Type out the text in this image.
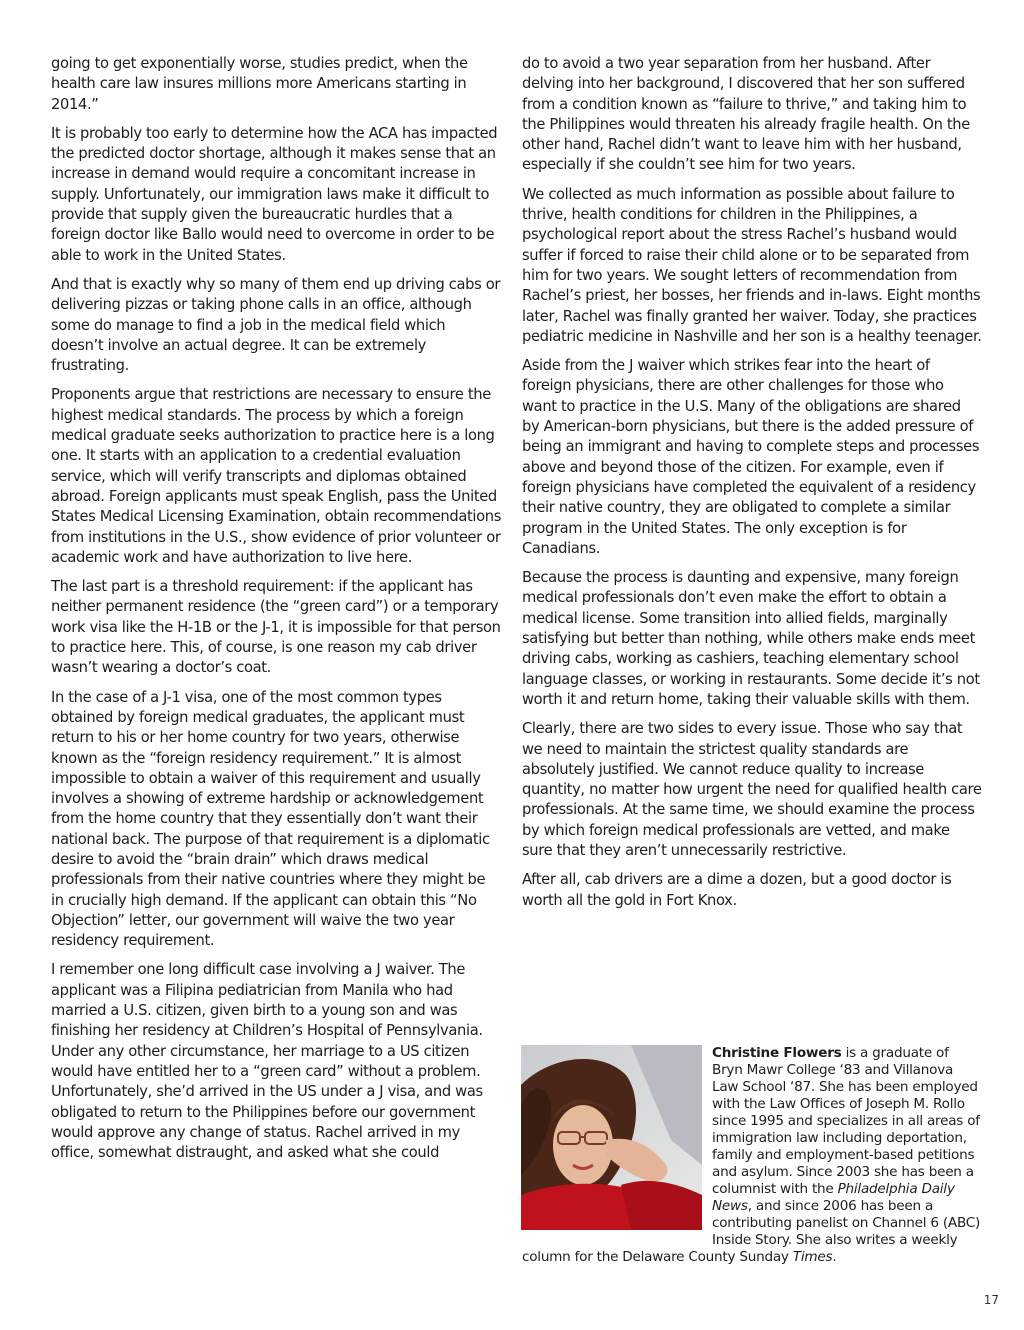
going to get exponentially worse, studies predict, when the health care law insures millions more Americans starting in 2014.”

It is probably too early to determine how the ACA has impacted the predicted doctor shortage, although it makes sense that an increase in demand would require a concomitant increase in supply. Unfortunately, our immigration laws make it difficult to provide that supply given the bureaucratic hurdles that a foreign doctor like Ballo would need to overcome in order to be able to work in the United States.

And that is exactly why so many of them end up driving cabs or delivering pizzas or taking phone calls in an office, although some do manage to find a job in the medical field which doesn’t involve an actual degree. It can be extremely frustrating.

Proponents argue that restrictions are necessary to ensure the highest medical standards. The process by which a foreign medical graduate seeks authorization to practice here is a long one. It starts with an application to a credential evaluation service, which will verify transcripts and diplomas obtained abroad. Foreign applicants must speak English, pass the United States Medical Licensing Examination, obtain recommendations from institutions in the U.S., show evidence of prior volunteer or academic work and have authorization to live here.

The last part is a threshold requirement: if the applicant has neither permanent residence (the “green card”) or a temporary work visa like the H-1B or the J-1, it is impossible for that person to practice here. This, of course, is one reason my cab driver wasn’t wearing a doctor’s coat.

In the case of a J-1 visa, one of the most common types obtained by foreign medical graduates, the applicant must return to his or her home country for two years, otherwise known as the “foreign residency requirement.” It is almost impossible to obtain a waiver of this requirement and usually involves a showing of extreme hardship or acknowledgement from the home country that they essentially don’t want their national back. The purpose of that requirement is a diplomatic desire to avoid the “brain drain” which draws medical professionals from their native countries where they might be in crucially high demand. If the applicant can obtain this “No Objection” letter, our government will waive the two year residency requirement.

I remember one long difficult case involving a J waiver. The applicant was a Filipina pediatrician from Manila who had married a U.S. citizen, given birth to a young son and was finishing her residency at Children’s Hospital of Pennsylvania. Under any other circumstance, her marriage to a US citizen would have entitled her to a “green card” without a problem. Unfortunately, she’d arrived in the US under a J visa, and was obligated to return to the Philippines before our government would approve any change of status. Rachel arrived in my office, somewhat distraught, and asked what she could

do to avoid a two year separation from her husband. After delving into her background, I discovered that her son suffered from a condition known as “failure to thrive,” and taking him to the Philippines would threaten his already fragile health. On the other hand, Rachel didn’t want to leave him with her husband, especially if she couldn’t see him for two years.

We collected as much information as possible about failure to thrive, health conditions for children in the Philippines, a psychological report about the stress Rachel’s husband would suffer if forced to raise their child alone or to be separated from him for two years. We sought letters of recommendation from Rachel’s priest, her bosses, her friends and in-laws. Eight months later, Rachel was finally granted her waiver. Today, she practices pediatric medicine in Nashville and her son is a healthy teenager.

Aside from the J waiver which strikes fear into the heart of foreign physicians, there are other challenges for those who want to practice in the U.S. Many of the obligations are shared by American-born physicians, but there is the added pressure of being an immigrant and having to complete steps and processes above and beyond those of the citizen. For example, even if foreign physicians have completed the equivalent of a residency their native country, they are obligated to complete a similar program in the United States. The only exception is for Canadians.

Because the process is daunting and expensive, many foreign medical professionals don’t even make the effort to obtain a medical license. Some transition into allied fields, marginally satisfying but better than nothing, while others make ends meet driving cabs, working as cashiers, teaching elementary school language classes, or working in restaurants. Some decide it’s not worth it and return home, taking their valuable skills with them.

Clearly, there are two sides to every issue. Those who say that we need to maintain the strictest quality standards are absolutely justified. We cannot reduce quality to increase quantity, no matter how urgent the need for qualified health care professionals. At the same time, we should examine the process by which foreign medical professionals are vetted, and make sure that they aren’t unnecessarily restrictive.

After all, cab drivers are a dime a dozen, but a good doctor is worth all the gold in Fort Knox.

Christine Flowers is a graduate of Bryn Mawr College ‘83 and Villanova Law School ‘87. She has been employed with the Law Offices of Joseph M. Rollo since 1995 and specializes in all areas of immigration law including deportation, family and employment-based petitions and asylum. Since 2003 she has been a columnist with the Philadelphia Daily News, and since 2006 has been a contributing panelist on Channel 6 (ABC) Inside Story. She also writes a weekly column for the Delaware County Sunday Times.

17
